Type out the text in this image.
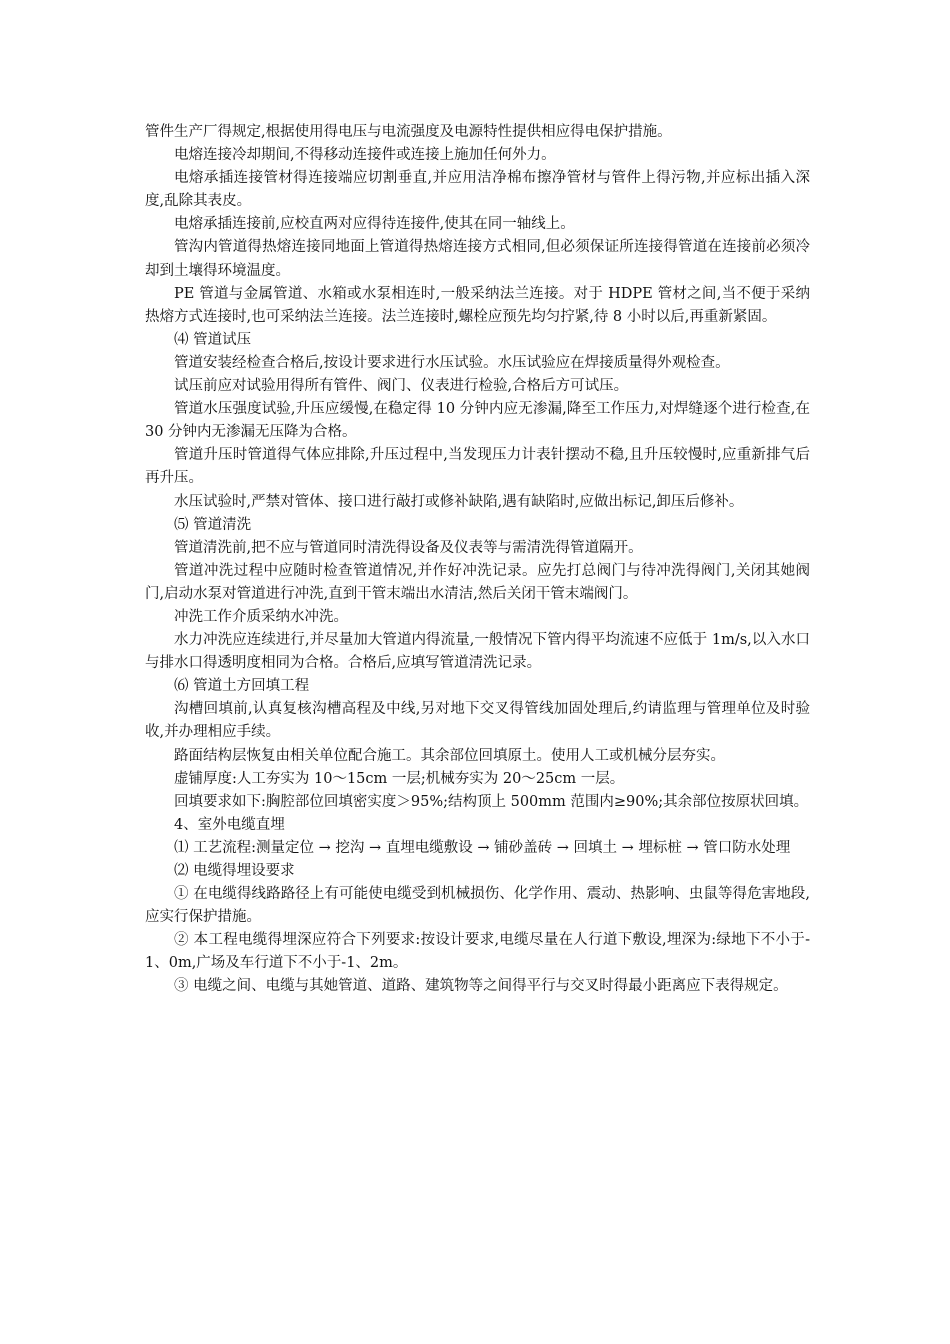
管件生产厂得规定,根据使用得电压与电流强度及电源特性提供相应得电保护措施。

电熔连接冷却期间,不得移动连接件或连接上施加任何外力。

电熔承插连接管材得连接端应切割垂直,并应用洁净棉布擦净管材与管件上得污物,并应标出插入深度,乱除其表皮。

电熔承插连接前,应校直两对应得待连接件,使其在同一轴线上。

管沟内管道得热熔连接同地面上管道得热熔连接方式相同,但必须保证所连接得管道在连接前必须冷却到土壤得环境温度。

PE 管道与金属管道、水箱或水泵相连时,一般采纳法兰连接。对于 HDPE 管材之间,当不便于采纳热熔方式连接时,也可采纳法兰连接。法兰连接时,螺栓应预先均匀拧紧,待 8 小时以后,再重新紧固。

⑷ 管道试压

管道安装经检查合格后,按设计要求进行水压试验。水压试验应在焊接质量得外观检查。

试压前应对试验用得所有管件、阀门、仪表进行检验,合格后方可试压。

管道水压强度试验,升压应缓慢,在稳定得 10 分钟内应无渗漏,降至工作压力,对焊缝逐个进行检查,在 30 分钟内无渗漏无压降为合格。

管道升压时管道得气体应排除,升压过程中,当发现压力计表针摆动不稳,且升压较慢时,应重新排气后再升压。

水压试验时,严禁对管体、接口进行敲打或修补缺陷,遇有缺陷时,应做出标记,卸压后修补。

⑸ 管道清洗

管道清洗前,把不应与管道同时清洗得设备及仪表等与需清洗得管道隔开。

管道冲洗过程中应随时检查管道情况,并作好冲洗记录。应先打总阀门与待冲洗得阀门,关闭其她阀门,启动水泵对管道进行冲洗,直到干管末端出水清洁,然后关闭干管末端阀门。

冲洗工作介质采纳水冲洗。

水力冲洗应连续进行,并尽量加大管道内得流量,一般情况下管内得平均流速不应低于 1m/s,以入水口与排水口得透明度相同为合格。合格后,应填写管道清洗记录。

⑹ 管道土方回填工程

沟槽回填前,认真复核沟槽高程及中线,另对地下交叉得管线加固处理后,约请监理与管理单位及时验收,并办理相应手续。

路面结构层恢复由相关单位配合施工。其余部位回填原土。使用人工或机械分层夯实。

虚铺厚度:人工夯实为 10～15cm 一层;机械夯实为 20～25cm 一层。

回填要求如下:胸腔部位回填密实度＞95%;结构顶上 500mm 范围内≥90%;其余部位按原状回填。

4、室外电缆直埋

⑴ 工艺流程:测量定位 → 挖沟 → 直埋电缆敷设 → 铺砂盖砖 → 回填土 → 埋标桩 → 管口防水处理

⑵ 电缆得埋设要求

① 在电缆得线路路径上有可能使电缆受到机械损伤、化学作用、震动、热影响、虫鼠等得危害地段,应实行保护措施。

② 本工程电缆得埋深应符合下列要求:按设计要求,电缆尽量在人行道下敷设,埋深为:绿地下不小于-1、0m,广场及车行道下不小于-1、2m。

③ 电缆之间、电缆与其她管道、道路、建筑物等之间得平行与交叉时得最小距离应下表得规定。
